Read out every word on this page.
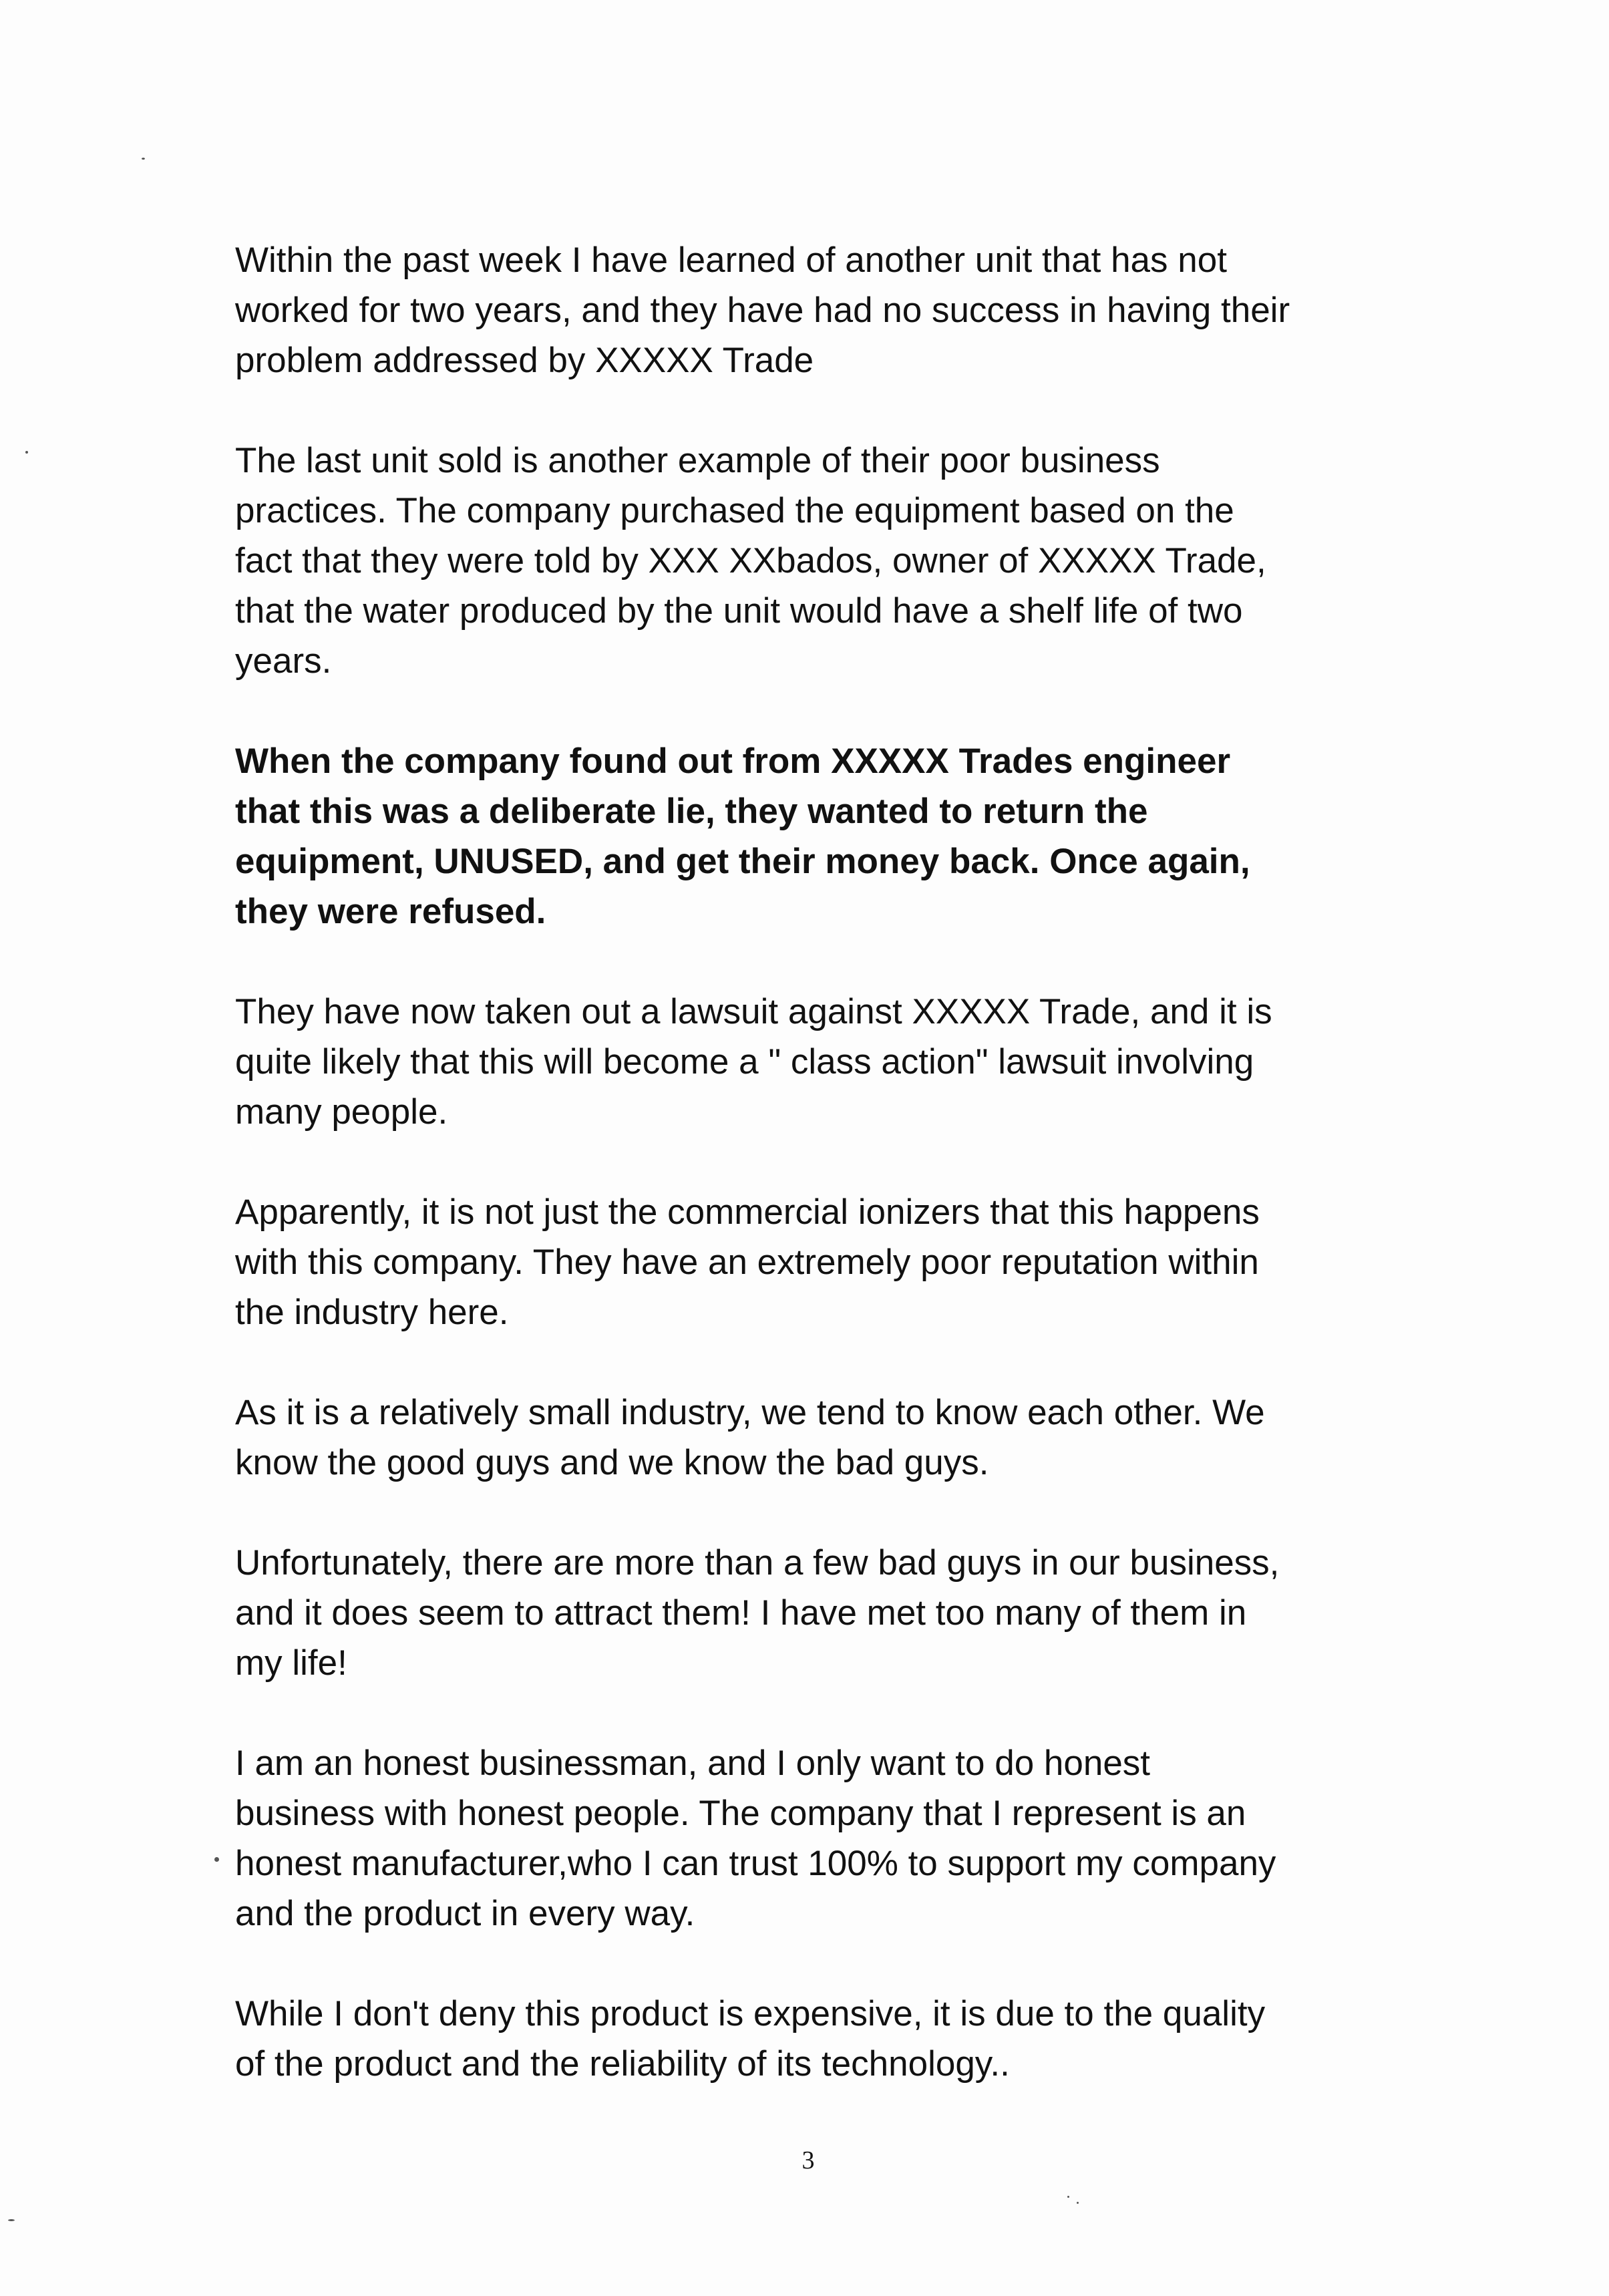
Within the past week I have learned of another unit that has not
worked for two years, and they have had no success in having their
problem addressed by XXXXX Trade
The last unit sold is another example of their poor business
practices. The company purchased the equipment based on the
fact that they were told by XXX XXbados, owner of XXXXX Trade,
that the water produced by the unit would have a shelf life of two
years.
When the company found out from XXXXX Trades engineer
that this was a deliberate lie, they wanted to return the
equipment, UNUSED, and get their money back. Once again,
they were refused.
They have now taken out a lawsuit against XXXXX Trade, and it is
quite likely that this will become a " class action" lawsuit involving
many people.
Apparently, it is not just the commercial ionizers that this happens
with this company. They have an extremely poor reputation within
the industry here.
As it is a relatively small industry, we tend to know each other. We
know the good guys and we know the bad guys.
Unfortunately, there are more than a few bad guys in our business,
and it does seem to attract them! I have met too many of them in
my life!
I am an honest businessman, and I only want to do honest
business with honest people. The company that I represent is an
honest manufacturer,who I can trust 100% to support my company
and the product in every way.
While I don't deny this product is expensive, it is due to the quality
of the product and the reliability of its technology..
3
